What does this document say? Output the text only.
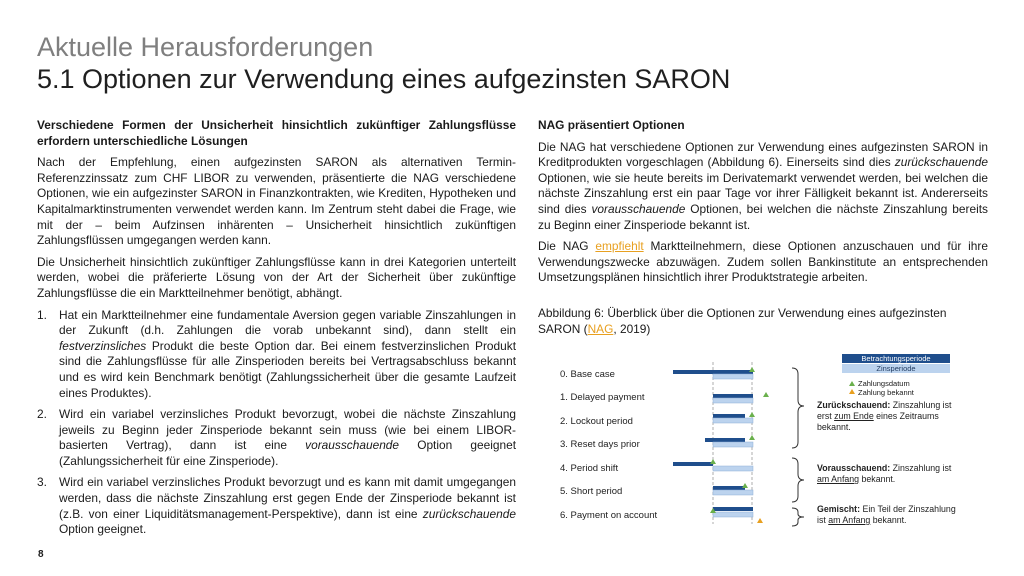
Aktuelle Herausforderungen
5.1 Optionen zur Verwendung eines aufgezinsten SARON

Verschiedene Formen der Unsicherheit hinsichtlich zukünftiger Zahlungsflüsse erfordern unterschiedliche Lösungen

Nach der Empfehlung, einen aufgezinsten SARON als alternativen Termin-Referenzzinssatz zum CHF LIBOR zu verwenden, präsentierte die NAG verschiedene Optionen, wie ein aufgezinster SARON in Finanzkontrakten, wie Krediten, Hypotheken und Kapitalmarktinstrumenten verwendet werden kann. Im Zentrum steht dabei die Frage, wie mit der – beim Aufzinsen inhärenten – Unsicherheit hinsichtlich zukünftigen Zahlungsflüssen umgegangen werden kann.

Die Unsicherheit hinsichtlich zukünftiger Zahlungsflüsse kann in drei Kategorien unterteilt werden, wobei die präferierte Lösung von der Art der Sicherheit über zukünftige Zahlungsflüsse die ein Marktteilnehmer benötigt, abhängt.

1.	Hat ein Marktteilnehmer eine fundamentale Aversion gegen variable Zinszahlungen in der Zukunft (d.h. Zahlungen die vorab unbekannt sind), dann stellt ein festverzinsliches Produkt die beste Option dar. Bei einem festverzinslichen Produkt sind die Zahlungsflüsse für alle Zinsperioden bereits bei Vertragsabschluss bekannt und es wird kein Benchmark benötigt (Zahlungssicherheit über die gesamte Laufzeit eines Produktes).
2.	Wird ein variabel verzinsliches Produkt bevorzugt, wobei die nächste Zinszahlung jeweils zu Beginn jeder Zinsperiode bekannt sein muss (wie bei einem LIBOR-basierten Vertrag), dann ist eine vorausschauende Option geeignet (Zahlungssicherheit für eine Zinsperiode).
3.	Wird ein variabel verzinsliches Produkt bevorzugt und es kann mit damit umgegangen werden, dass die nächste Zinszahlung erst gegen Ende der Zinsperiode bekannt ist (z.B. von einer Liquiditätsmanagement-Perspektive), dann ist eine zurückschauende Option geeignet.

NAG präsentiert Optionen

Die NAG hat verschiedene Optionen zur Verwendung eines aufgezinsten SARON in Kreditprodukten vorgeschlagen (Abbildung 6). Einerseits sind dies zurückschauende Optionen, wie sie heute bereits im Derivatemarkt verwendet werden, bei welchen die nächste Zinszahlung erst ein paar Tage vor ihrer Fälligkeit bekannt ist. Andererseits sind dies vorausschauende Optionen, bei welchen die nächste Zinszahlung bereits zu Beginn einer Zinsperiode bekannt ist.

Die NAG empfiehlt Marktteilnehmern, diese Optionen anzuschauen und für ihre Verwendungszwecke abzuwägen. Zudem sollen Bankinstitute an entsprechenden Umsetzungsplänen hinsichtlich ihrer Produktstrategie arbeiten.

Abbildung 6: Überblick über die Optionen zur Verwendung eines aufgezinsten SARON (NAG, 2019)

0. Base case
1. Delayed payment
2. Lockout period
3. Reset days prior
4. Period shift
5. Short period
6. Payment on account
Betrachtungsperiode
Zinsperiode
Zahlungsdatum
Zahlung bekannt
Zurückschauend: Zinszahlung ist erst zum Ende eines Zeitraums bekannt.
Vorausschauend: Zinszahlung ist am Anfang bekannt.
Gemischt: Ein Teil der Zinszahlung ist am Anfang bekannt.
8
